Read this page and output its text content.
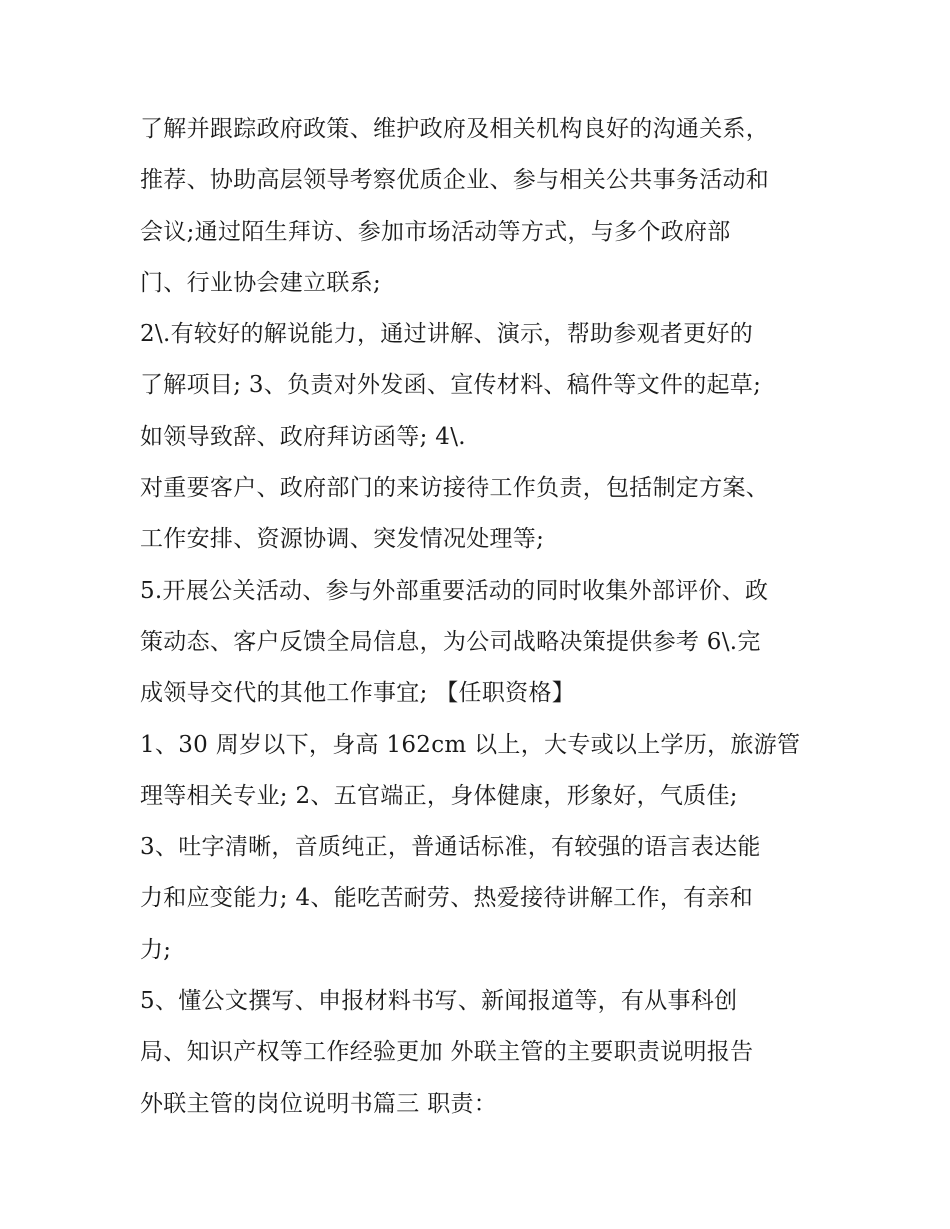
了解并跟踪政府政策、维护政府及相关机构良好的沟通关系，
推荐、协助高层领导考察优质企业、参与相关公共事务活动和
会议;通过陌生拜访、参加市场活动等方式，与多个政府部
门、行业协会建立联系;
2\.有较好的解说能力，通过讲解、演示，帮助参观者更好的
了解项目; 3、负责对外发函、宣传材料、稿件等文件的起草;
如领导致辞、政府拜访函等; 4\.
对重要客户、政府部门的来访接待工作负责，包括制定方案、
工作安排、资源协调、突发情况处理等;
5.开展公关活动、参与外部重要活动的同时收集外部评价、政
策动态、客户反馈全局信息，为公司战略决策提供参考 6\.完
成领导交代的其他工作事宜; 【任职资格】
1、30 周岁以下，身高 162cm 以上，大专或以上学历，旅游管
理等相关专业; 2、五官端正，身体健康，形象好，气质佳;
3、吐字清晰，音质纯正，普通话标准，有较强的语言表达能
力和应变能力; 4、能吃苦耐劳、热爱接待讲解工作，有亲和
力;
5、懂公文撰写、申报材料书写、新闻报道等，有从事科创
局、知识产权等工作经验更加 外联主管的主要职责说明报告
外联主管的岗位说明书篇三 职责：
